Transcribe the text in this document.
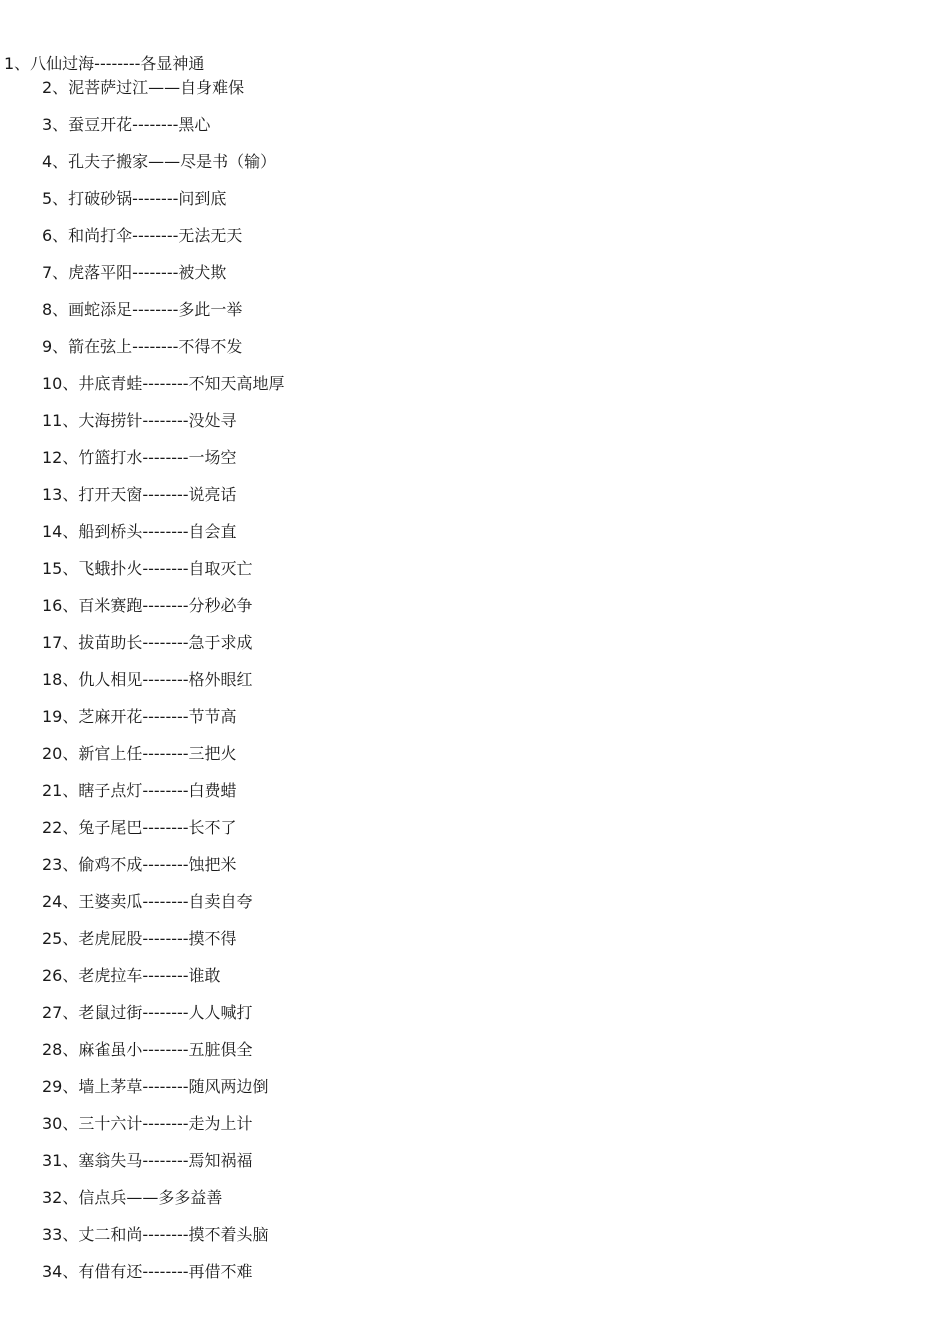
1、八仙过海--------各显神通
2、泥菩萨过江——自身难保
3、蚕豆开花--------黑心
4、孔夫子搬家——尽是书（输）
5、打破砂锅--------问到底
6、和尚打伞--------无法无天
7、虎落平阳--------被犬欺
8、画蛇添足--------多此一举
9、箭在弦上--------不得不发
10、井底青蛙--------不知天高地厚
11、大海捞针--------没处寻
12、竹篮打水--------一场空
13、打开天窗--------说亮话
14、船到桥头--------自会直
15、飞蛾扑火--------自取灭亡
16、百米赛跑--------分秒必争
17、拔苗助长--------急于求成
18、仇人相见--------格外眼红
19、芝麻开花--------节节高
20、新官上任--------三把火
21、瞎子点灯--------白费蜡
22、兔子尾巴--------长不了
23、偷鸡不成--------蚀把米
24、王婆卖瓜--------自卖自夸
25、老虎屁股--------摸不得
26、老虎拉车--------谁敢
27、老鼠过街--------人人喊打
28、麻雀虽小--------五脏俱全
29、墙上茅草--------随风两边倒
30、三十六计--------走为上计
31、塞翁失马--------焉知祸福
32、信点兵——多多益善
33、丈二和尚--------摸不着头脑
34、有借有还--------再借不难
